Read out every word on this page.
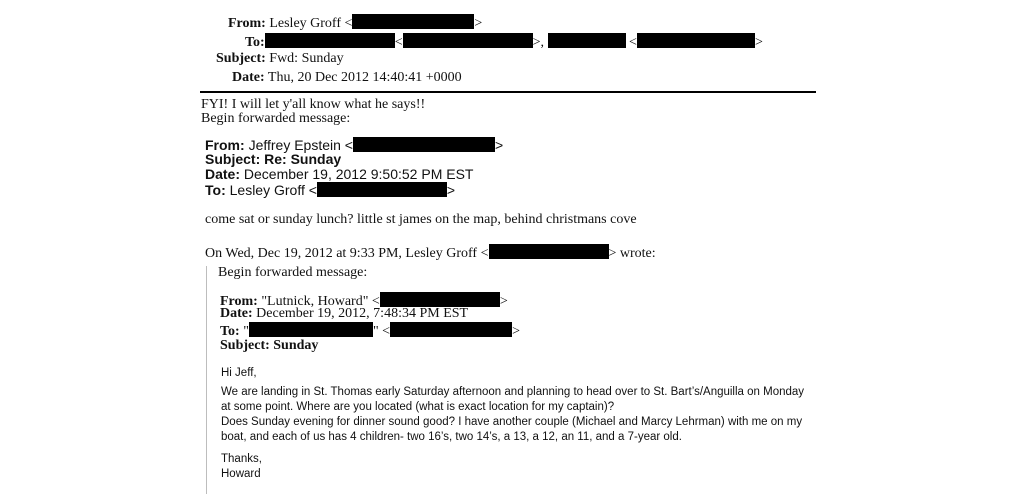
From: Lesley Groff <	>
To:	<	>,	<	>
Subject: Fwd: Sunday
Date: Thu, 20 Dec 2012 14:40:41 +0000
FYI! I will let y'all know what he says!!
Begin forwarded message:
From: Jeffrey Epstein <	>
Subject: Re: Sunday
Date: December 19, 2012 9:50:52 PM EST
To: Lesley Groff <	>
come sat or sunday lunch? little st james on the map, behind christmans cove
On Wed, Dec 19, 2012 at 9:33 PM, Lesley Groff <	> wrote:
Begin forwarded message:
From: "Lutnick, Howard" <	>
Date: December 19, 2012, 7:48:34 PM EST
To: "	" <	>
Subject: Sunday
Hi Jeff,
We are landing in St. Thomas early Saturday afternoon and planning to head over to St. Bart’s/Anguilla on Monday
at some point. Where are you located (what is exact location for my captain)?
Does Sunday evening for dinner sound good? I have another couple (Michael and Marcy Lehrman) with me on my
boat, and each of us has 4 children- two 16’s, two 14’s, a 13, a 12, an 11, and a 7-year old.
Thanks,
Howard
